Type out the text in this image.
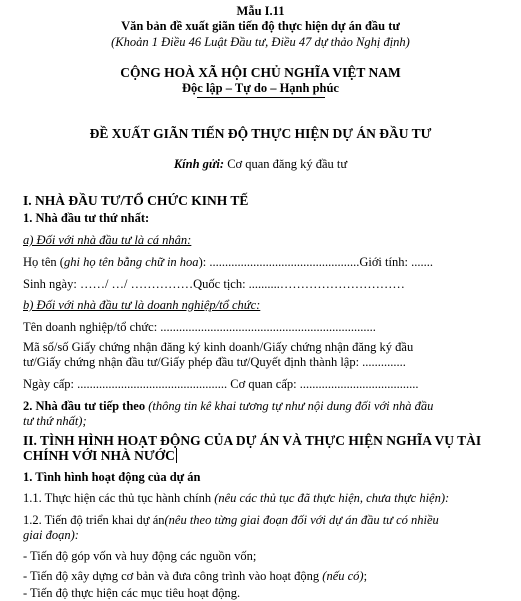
Mẫu I.11
Văn bản đề xuất giãn tiến độ thực hiện dự án đầu tư
(Khoản 1 Điều 46 Luật Đầu tư, Điều 47 dự thảo Nghị định)
CỘNG HOÀ XÃ HỘI CHỦ NGHĨA VIỆT NAM
Độc lập – Tự do – Hạnh phúc
ĐỀ XUẤT GIÃN TIẾN ĐỘ THỰC HIỆN DỰ ÁN ĐẦU TƯ
Kính gửi: Cơ quan đăng ký đầu tư
I. NHÀ ĐẦU TƯ/TỔ CHỨC KINH TẾ
1. Nhà đầu tư thứ nhất:
a) Đối với nhà đầu tư là cá nhân:
Họ tên (ghi họ tên bằng chữ in hoa): ................................................Giới tính: .......
Sinh ngày: ……/ …/ ……………Quốc tịch: ..........…………………………
b) Đối với nhà đầu tư là doanh nghiệp/tổ chức:
Tên doanh nghiệp/tổ chức: .....................................................................
Mã số/số Giấy chứng nhận đăng ký kinh doanh/Giấy chứng nhận đăng ký đầu
tư/Giấy chứng nhận đầu tư/Giấy phép đầu tư/Quyết định thành lập: ..............
Ngày cấp: ................................................ Cơ quan cấp: ......................................
2. Nhà đầu tư tiếp theo (thông tin kê khai tương tự như nội dung đối với nhà đầu
tư thứ nhất);
II. TÌNH HÌNH HOẠT ĐỘNG CỦA DỰ ÁN VÀ THỰC HIỆN NGHĨA VỤ TÀI
CHÍNH VỚI NHÀ NƯỚC
1. Tình hình hoạt động của dự án
1.1. Thực hiện các thủ tục hành chính (nêu các thủ tục đã thực hiện, chưa thực hiện):
1.2. Tiến độ triển khai dự án(nêu theo từng giai đoạn đối với dự án đầu tư có nhiều
giai đoạn):
- Tiến độ góp vốn và huy động các nguồn vốn;
- Tiến độ xây dựng cơ bản và đưa công trình vào hoạt động (nếu có);
- Tiến độ thực hiện các mục tiêu hoạt động.
